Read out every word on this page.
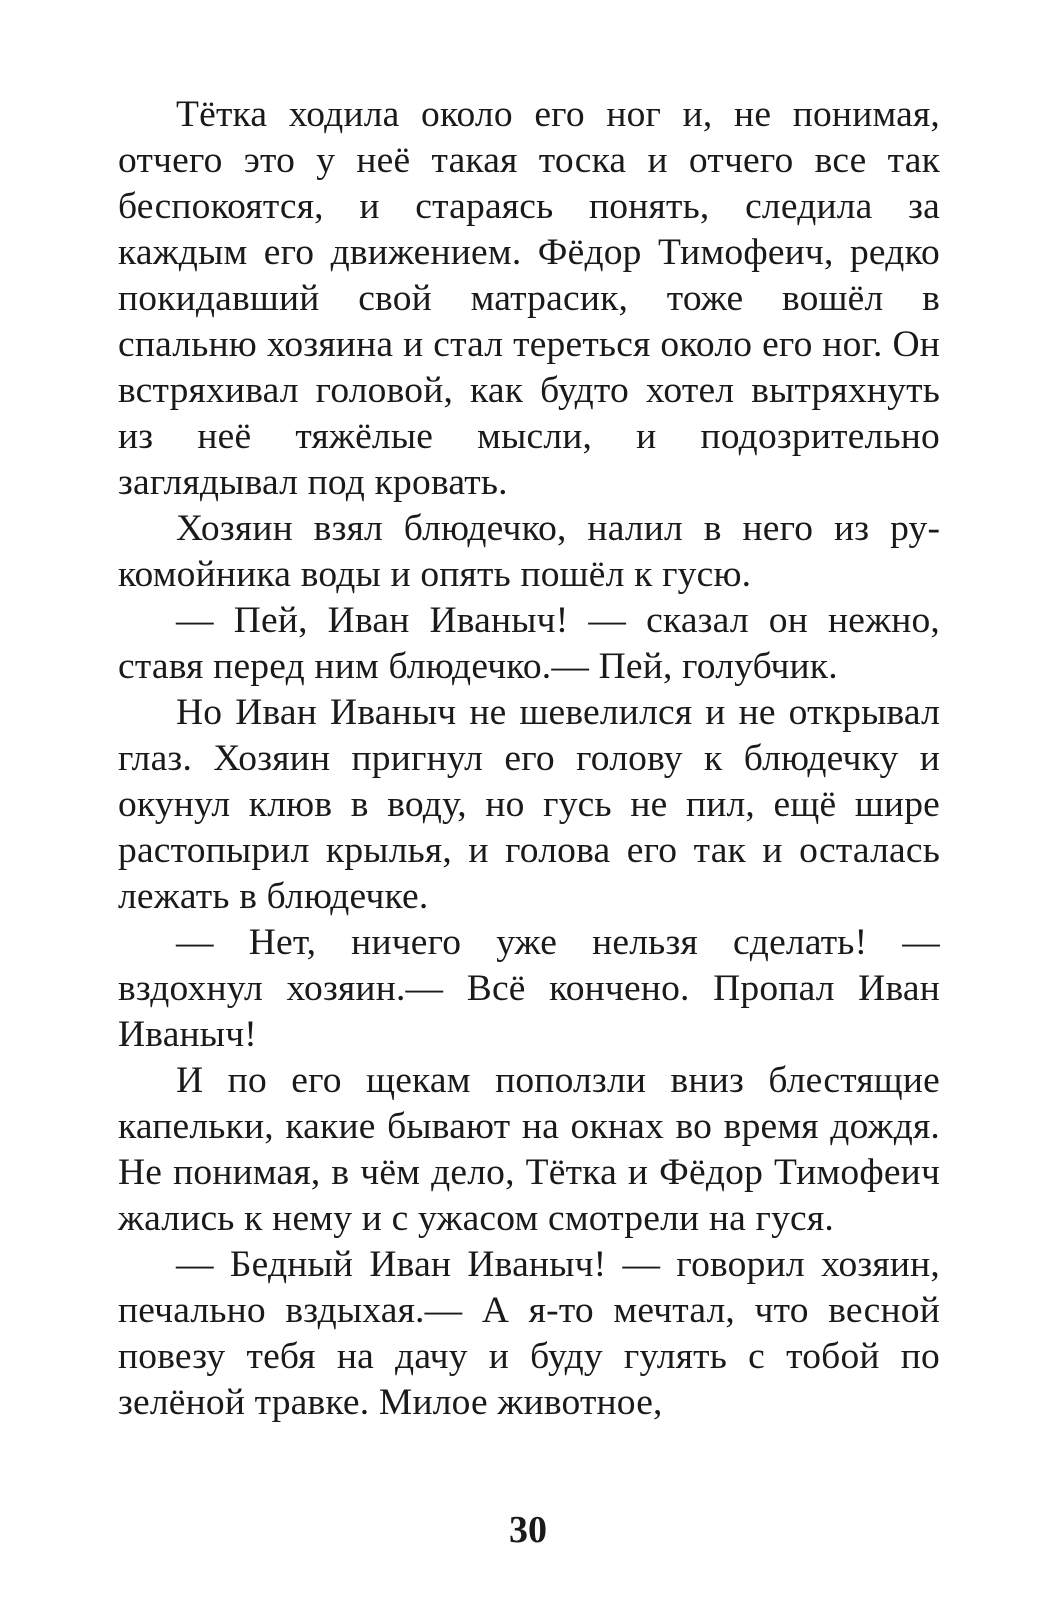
Тётка ходила около его ног и, не понимая, отчего это у неё такая тоска и отчего все так беспокоятся, и стараясь понять, следила за каждым его движением. Фёдор Тимофеич, редко покидавший свой матрасик, тоже вошёл в спальню хозяина и стал тереться около его ног. Он встряхивал головой, как будто хотел вытряхнуть из неё тяжёлые мысли, и подозрительно заглядывал под кровать.

Хозяин взял блюдечко, налил в него из рукомойника воды и опять пошёл к гусю.

— Пей, Иван Иваныч! — сказал он нежно, ставя перед ним блюдечко.— Пей, голубчик.

Но Иван Иваныч не шевелился и не открывал глаз. Хозяин пригнул его голову к блюдечку и окунул клюв в воду, но гусь не пил, ещё шире растопырил крылья, и голова его так и осталась лежать в блюдечке.

— Нет, ничего уже нельзя сделать! — вздохнул хозяин.— Всё кончено. Пропал Иван Иваныч!

И по его щекам поползли вниз блестящие капельки, какие бывают на окнах во время дождя. Не понимая, в чём дело, Тётка и Фёдор Тимофеич жались к нему и с ужасом смотрели на гуся.

— Бедный Иван Иваныч! — говорил хозяин, печально вздыхая.— А я-то мечтал, что весной повезу тебя на дачу и буду гулять с тобой по зелёной травке. Милое животное,

30
